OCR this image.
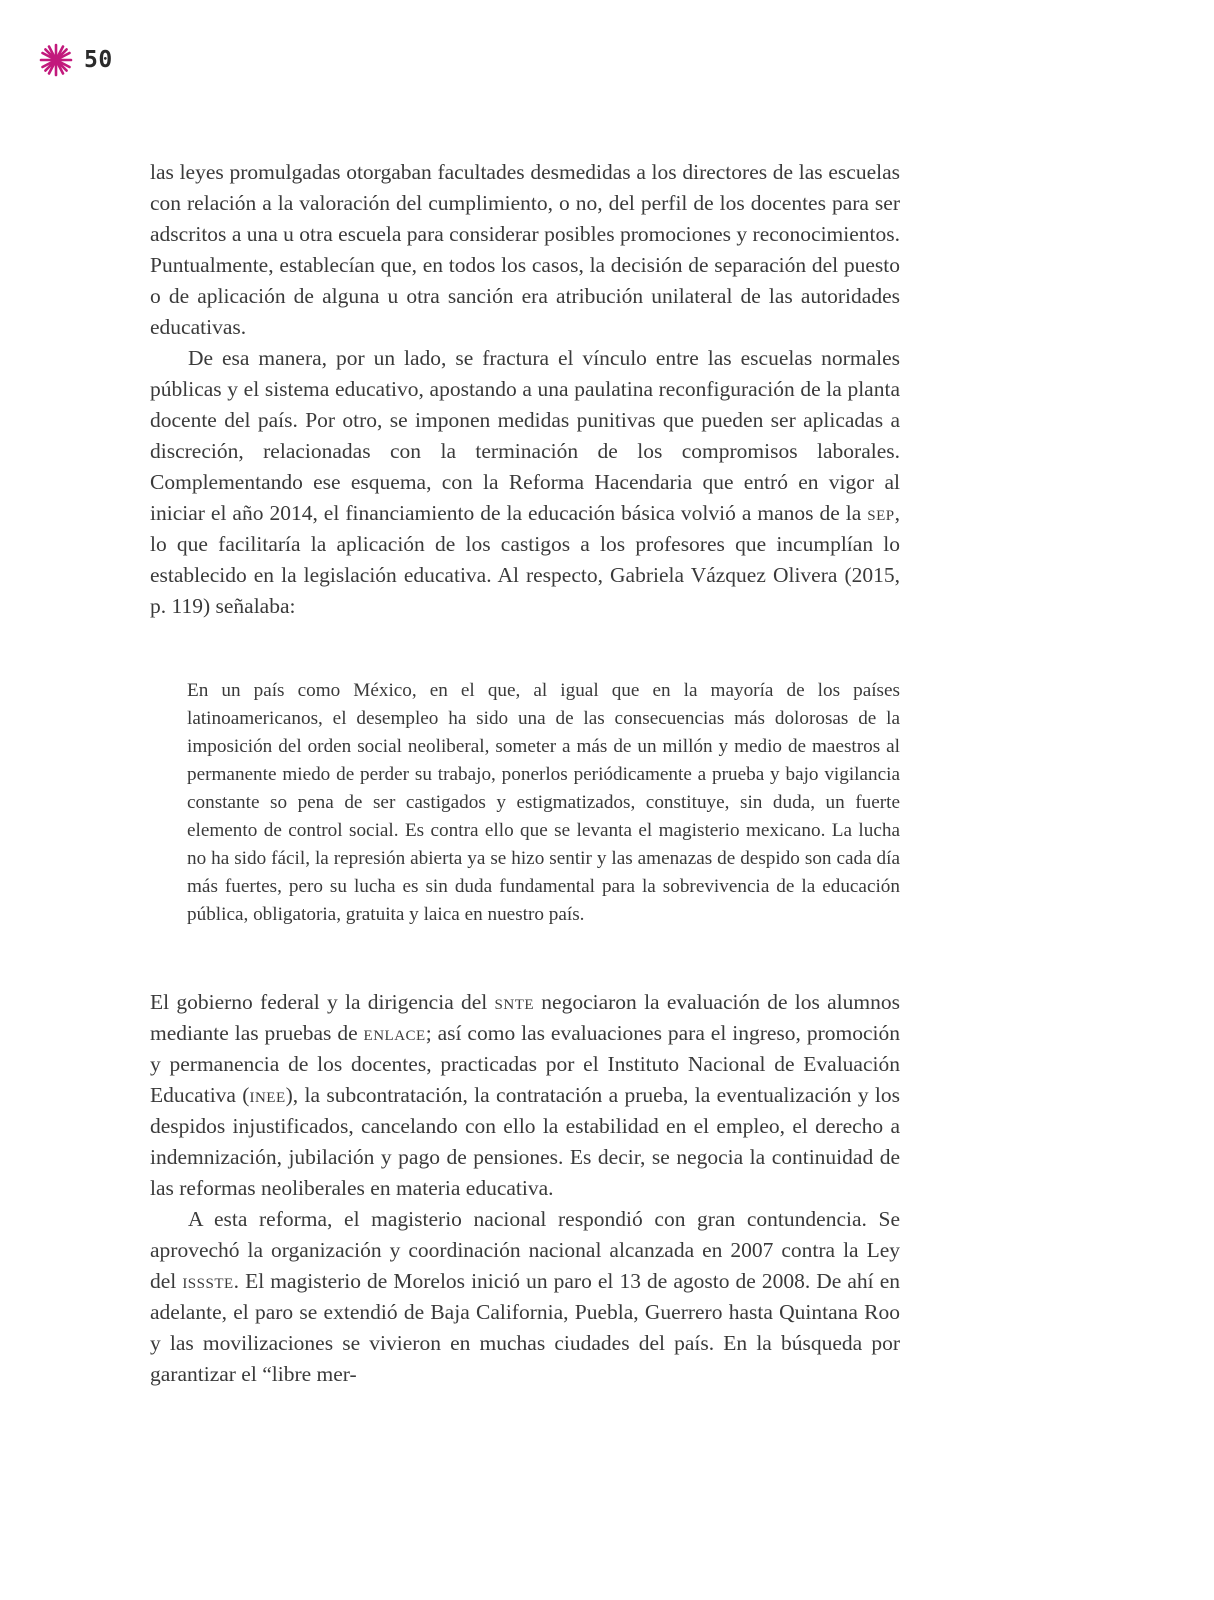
50

las leyes promulgadas otorgaban facultades desmedidas a los directores de las escuelas con relación a la valoración del cumplimiento, o no, del perfil de los docentes para ser adscritos a una u otra escuela para considerar posibles promociones y reconocimientos. Puntualmente, establecían que, en todos los casos, la decisión de separación del puesto o de aplicación de alguna u otra sanción era atribución unilateral de las autoridades educativas.

De esa manera, por un lado, se fractura el vínculo entre las escuelas normales públicas y el sistema educativo, apostando a una paulatina reconfiguración de la planta docente del país. Por otro, se imponen medidas punitivas que pueden ser aplicadas a discreción, relacionadas con la terminación de los compromisos laborales. Complementando ese esquema, con la Reforma Hacendaria que entró en vigor al iniciar el año 2014, el financiamiento de la educación básica volvió a manos de la sep, lo que facilitaría la aplicación de los castigos a los profesores que incumplían lo establecido en la legislación educativa. Al respecto, Gabriela Vázquez Olivera (2015, p. 119) señalaba:

En un país como México, en el que, al igual que en la mayoría de los países latinoamericanos, el desempleo ha sido una de las consecuencias más dolorosas de la imposición del orden social neoliberal, someter a más de un millón y medio de maestros al permanente miedo de perder su trabajo, ponerlos periódicamente a prueba y bajo vigilancia constante so pena de ser castigados y estigmatizados, constituye, sin duda, un fuerte elemento de control social. Es contra ello que se levanta el magisterio mexicano. La lucha no ha sido fácil, la represión abierta ya se hizo sentir y las amenazas de despido son cada día más fuertes, pero su lucha es sin duda fundamental para la sobrevivencia de la educación pública, obligatoria, gratuita y laica en nuestro país.

El gobierno federal y la dirigencia del snte negociaron la evaluación de los alumnos mediante las pruebas de enlace; así como las evaluaciones para el ingreso, promoción y permanencia de los docentes, practicadas por el Instituto Nacional de Evaluación Educativa (inee), la subcontratación, la contratación a prueba, la eventualización y los despidos injustificados, cancelando con ello la estabilidad en el empleo, el derecho a indemnización, jubilación y pago de pensiones. Es decir, se negocia la continuidad de las reformas neoliberales en materia educativa.

A esta reforma, el magisterio nacional respondió con gran contundencia. Se aprovechó la organización y coordinación nacional alcanzada en 2007 contra la Ley del issste. El magisterio de Morelos inició un paro el 13 de agosto de 2008. De ahí en adelante, el paro se extendió de Baja California, Puebla, Guerrero hasta Quintana Roo y las movilizaciones se vivieron en muchas ciudades del país. En la búsqueda por garantizar el “libre mer-
